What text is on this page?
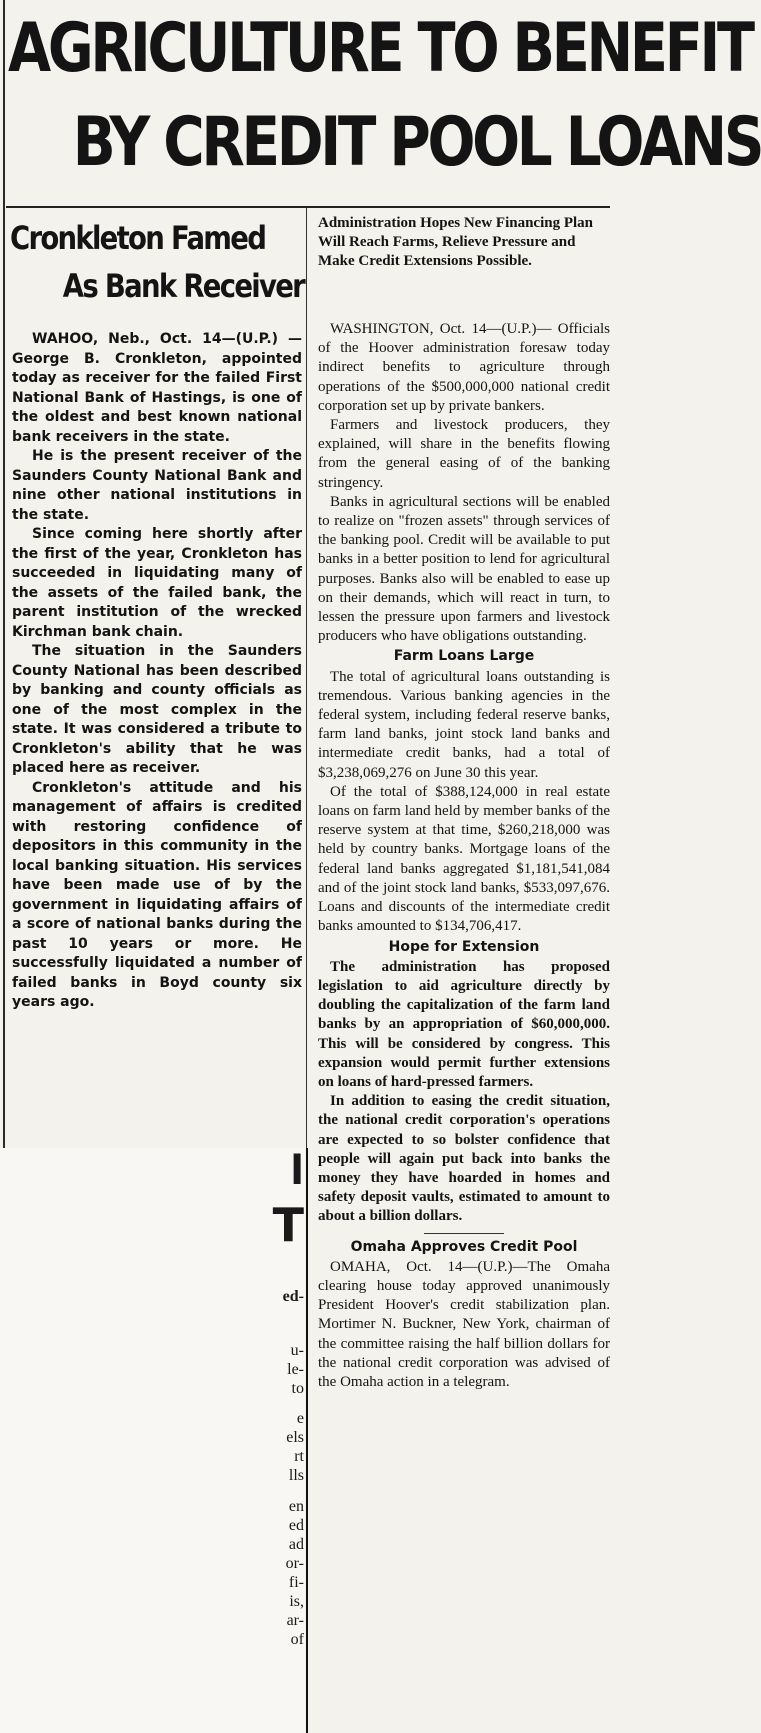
AGRICULTURE TO BENEFIT
BY CREDIT POOL LOANS
Cronkleton Famed
As Bank Receiver

WAHOO, Neb., Oct. 14—(U.P.) —George B. Cronkleton, appointed today as receiver for the failed First National Bank of Hastings, is one of the oldest and best known national bank receivers in the state.

He is the present receiver of the Saunders County National Bank and nine other national institutions in the state.

Since coming here shortly after the first of the year, Cronkleton has succeeded in liquidating many of the assets of the failed bank, the parent institution of the wrecked Kirchman bank chain.

The situation in the Saunders County National has been described by banking and county officials as one of the most complex in the state. It was considered a tribute to Cronkleton's ability that he was placed here as receiver.

Cronkleton's attitude and his management of affairs is credited with restoring confidence of depositors in this community in the local banking situation. His services have been made use of by the government in liquidating affairs of a score of national banks during the past 10 years or more. He successfully liquidated a number of failed banks in Boyd county six years ago.

Administration Hopes New Financing Plan Will Reach Farms, Relieve Pressure and Make Credit Extensions Possible.

WASHINGTON, Oct. 14—(U.P.)— Officials of the Hoover administration foresaw today indirect benefits to agriculture through operations of the $500,000,000 national credit corporation set up by private bankers.

Farmers and livestock producers, they explained, will share in the benefits flowing from the general easing of of the banking stringency.

Banks in agricultural sections will be enabled to realize on "frozen assets" through services of the banking pool. Credit will be available to put banks in a better position to lend for agricultural purposes. Banks also will be enabled to ease up on their demands, which will react in turn, to lessen the pressure upon farmers and livestock producers who have obligations outstanding.

Farm Loans Large

The total of agricultural loans outstanding is tremendous. Various banking agencies in the federal system, including federal reserve banks, farm land banks, joint stock land banks and intermediate credit banks, had a total of $3,238,069,276 on June 30 this year.

Of the total of $388,124,000 in real estate loans on farm land held by member banks of the reserve system at that time, $260,218,000 was held by country banks. Mortgage loans of the federal land banks aggregated $1,181,541,084 and of the joint stock land banks, $533,097,676. Loans and discounts of the intermediate credit banks amounted to $134,706,417.

Hope for Extension

The administration has proposed legislation to aid agriculture directly by doubling the capitalization of the farm land banks by an appropriation of $60,000,000. This will be considered by congress. This expansion would permit further extensions on loans of hard-pressed farmers.

In addition to easing the credit situation, the national credit corporation's operations are expected to so bolster confidence that people will again put back into banks the money they have hoarded in homes and safety deposit vaults, estimated to amount to about a billion dollars.

Omaha Approves Credit Pool

OMAHA, Oct. 14—(U.P.)—The Omaha clearing house today approved unanimously President Hoover's credit stabilization plan. Mortimer N. Buckner, New York, chairman of the committee raising the half billion dollars for the national credit corporation was advised of the Omaha action in a telegram.

l
T
ed-
u-
le-
to
e
els
rt
lls
en
ed
ad
or-
fi-
is,
ar-
of
